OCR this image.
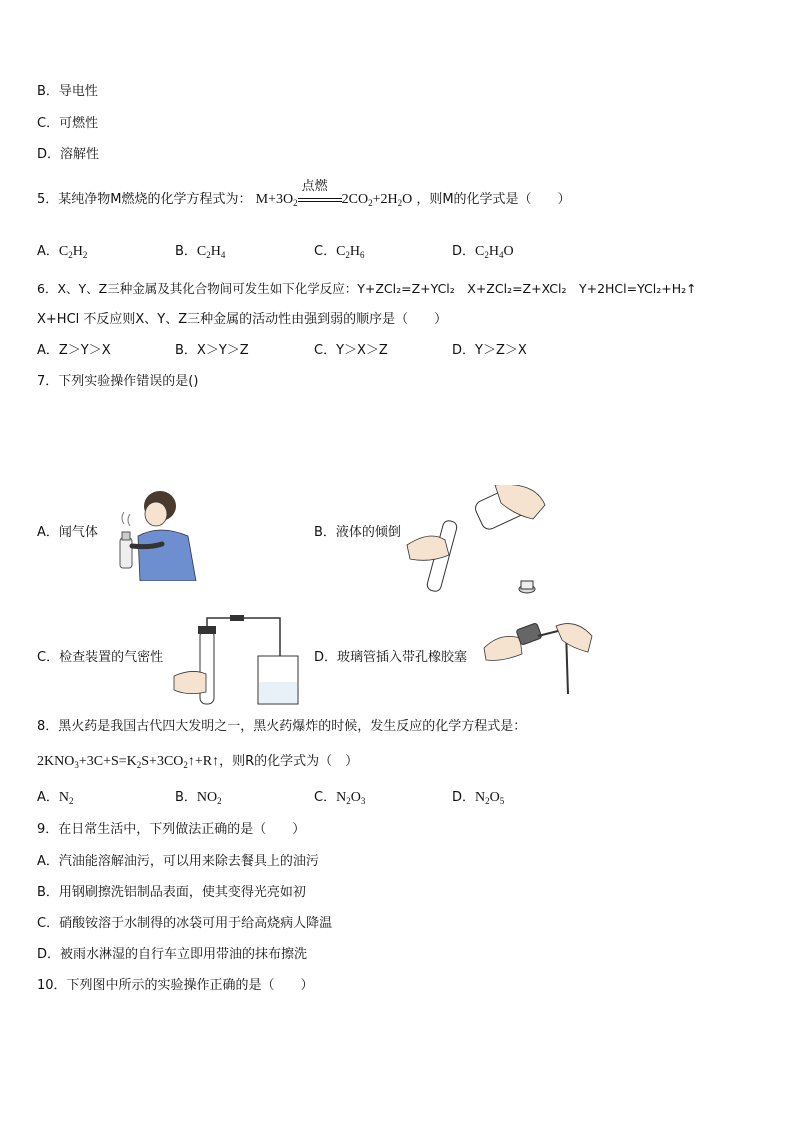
B．导电性
C．可燃性
D．溶解性
5．某纯净物M燃烧的化学方程式为： $M+3O_2$
点燃
$2CO_2+2H_2O$ ，则M的化学式是（　　）
A．$C_2H_2$	B．$C_2H_4$	C．$C_2H_6$	D．$C_2H_4O$
6．X、Y、Z三种金属及其化合物间可发生如下化学反应：Y+ZCl₂=Z+YCl₂　X+ZCl₂=Z+XCl₂　Y+2HCl=YCl₂+H₂↑
X+HCl 不反应则X、Y、Z三种金属的活动性由强到弱的顺序是（　　）
A．Z＞Y＞X	B．X＞Y＞Z	C．Y＞X＞Z	D．Y＞Z＞X
7．下列实验操作错误的是()
A．闻气体	B．液体的倾倒
C．检查装置的气密性	D．玻璃管插入带孔橡胶塞
8．黑火药是我国古代四大发明之一，黑火药爆炸的时候，发生反应的化学方程式是：
$2KNO_3+3C+S=K_2S+3CO_2↑+R↑$，则R的化学式为（　）
A．$N_2$	B．$NO_2$	C．$N_2O_3$	D．$N_2O_5$
9．在日常生活中，下列做法正确的是（　　）
A．汽油能溶解油污，可以用来除去餐具上的油污
B．用钢刷擦洗铝制品表面，使其变得光亮如初
C．硝酸铵溶于水制得的冰袋可用于给高烧病人降温
D．被雨水淋湿的自行车立即用带油的抹布擦洗
10．下列图中所示的实验操作正确的是（　　）
